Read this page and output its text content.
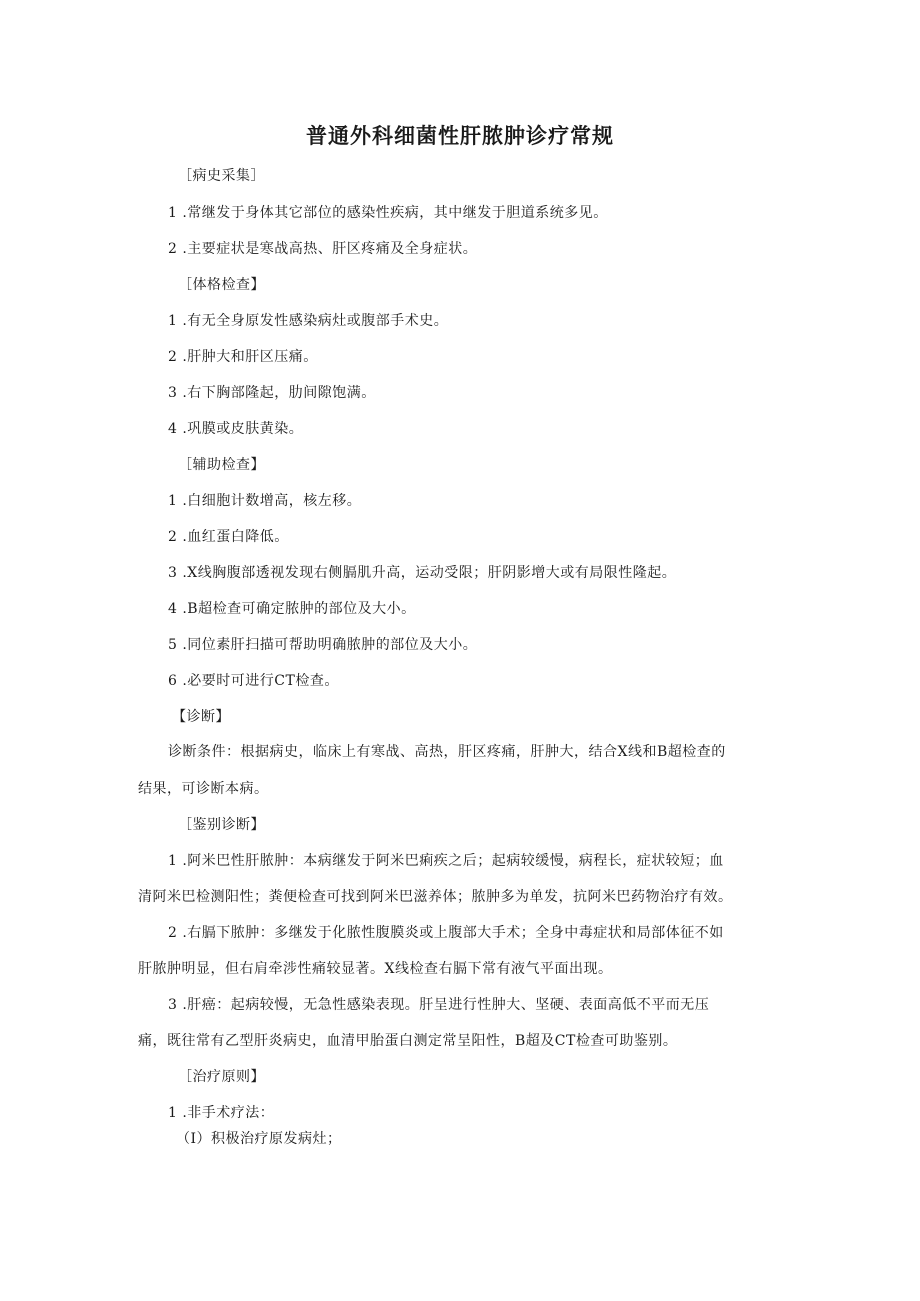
普通外科细菌性肝脓肿诊疗常规
［病史采集］
1 .常继发于身体其它部位的感染性疾病，其中继发于胆道系统多见。
2 .主要症状是寒战高热、肝区疼痛及全身症状。
［体格检查】
1 .有无全身原发性感染病灶或腹部手术史。
2 .肝肿大和肝区压痛。
3 .右下胸部隆起，肋间隙饱满。
4 .巩膜或皮肤黄染。
［辅助检查】
1 .白细胞计数增高，核左移。
2 .血红蛋白降低。
3 .X线胸腹部透视发现右侧膈肌升高，运动受限；肝阴影增大或有局限性隆起。
4 .B超检查可确定脓肿的部位及大小。
5 .同位素肝扫描可帮助明确脓肿的部位及大小。
6 .必要时可进行CT检查。
【诊断】
诊断条件：根据病史，临床上有寒战、高热，肝区疼痛，肝肿大，结合X线和B超检查的
结果，可诊断本病。
［鉴别诊断】
1 .阿米巴性肝脓肿：本病继发于阿米巴痢疾之后；起病较缓慢，病程长，症状较短；血
清阿米巴检测阳性；粪便检查可找到阿米巴滋养体；脓肿多为单发，抗阿米巴药物治疗有效。
2 .右膈下脓肿：多继发于化脓性腹膜炎或上腹部大手术；全身中毒症状和局部体征不如
肝脓肿明显，但右肩牵涉性痛较显著。X线检查右膈下常有液气平面出现。
3 .肝癌：起病较慢，无急性感染表现。肝呈进行性肿大、坚硬、表面高低不平而无压
痛，既往常有乙型肝炎病史，血清甲胎蛋白测定常呈阳性，B超及CT检查可助鉴别。
［治疗原则】
1 .非手术疗法：
（I）积极治疗原发病灶；
